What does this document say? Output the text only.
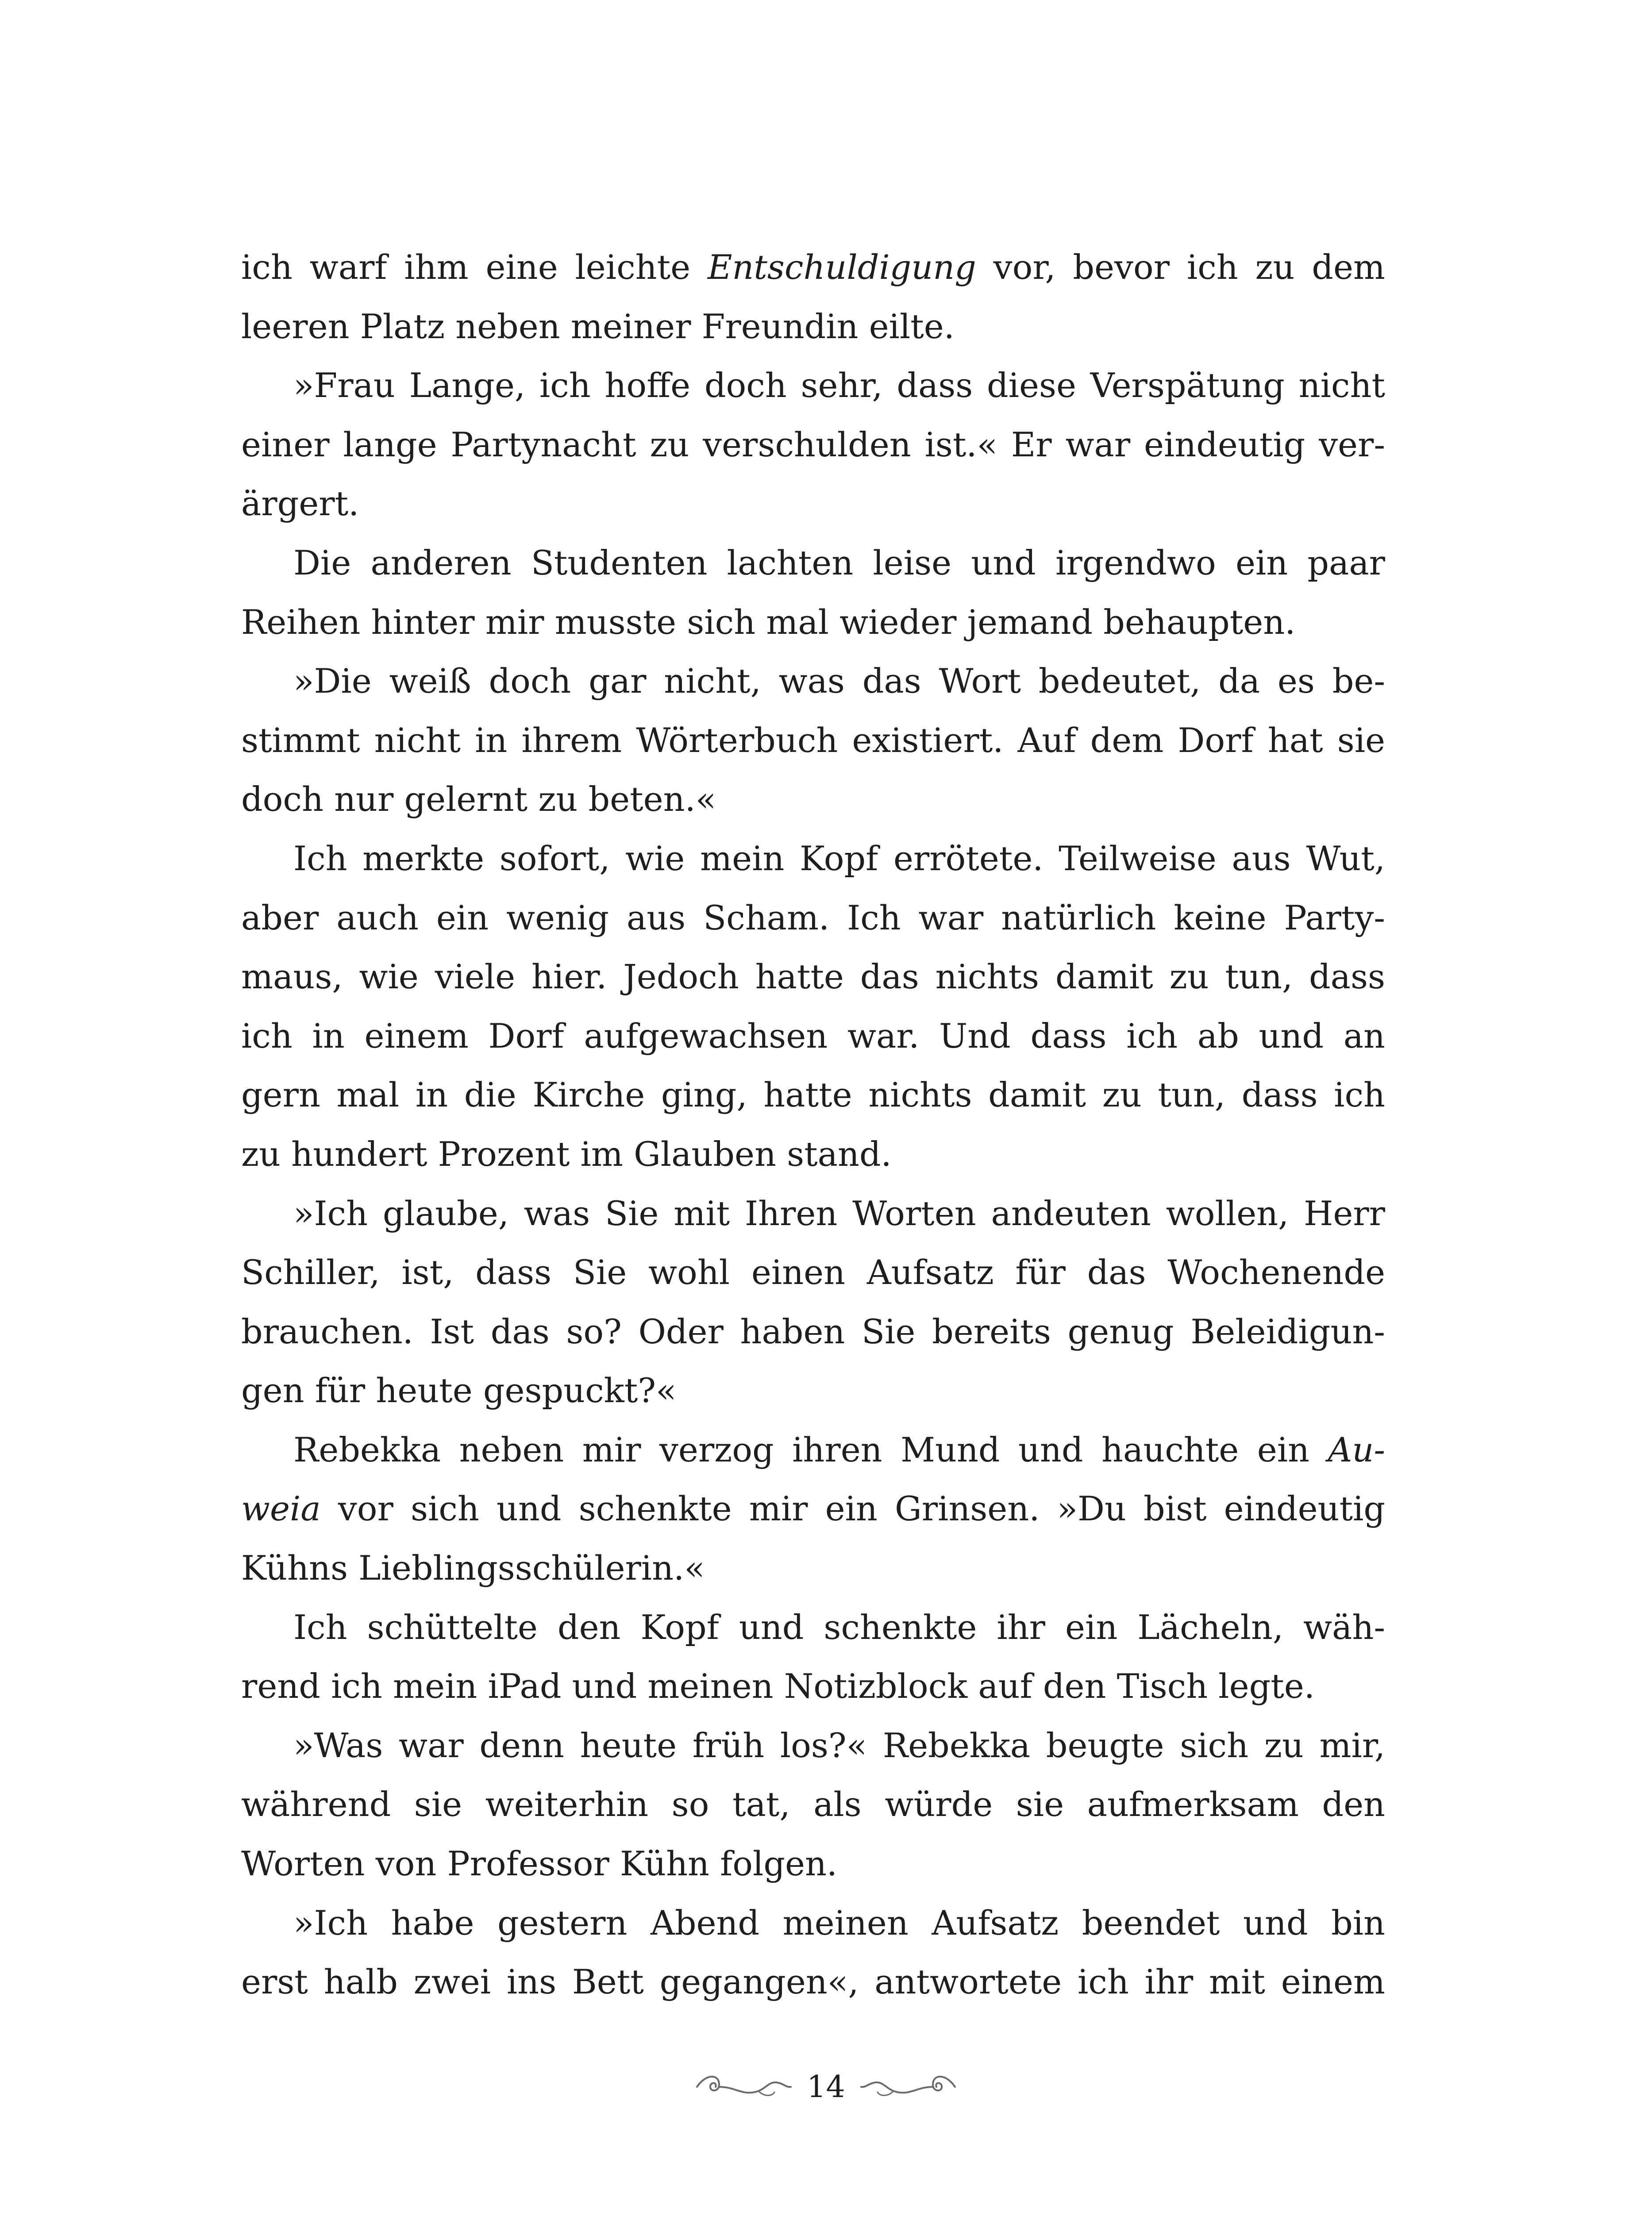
ich warf ihm eine leichte Entschuldigung vor, bevor ich zu dem
leeren Platz neben meiner Freundin eilte.
»Frau Lange, ich hoffe doch sehr, dass diese Verspätung nicht
einer lange Partynacht zu verschulden ist.« Er war eindeutig ver-
ärgert.
Die anderen Studenten lachten leise und irgendwo ein paar
Reihen hinter mir musste sich mal wieder jemand behaupten.
»Die weiß doch gar nicht, was das Wort bedeutet, da es be-
stimmt nicht in ihrem Wörterbuch existiert. Auf dem Dorf hat sie
doch nur gelernt zu beten.«
Ich merkte sofort, wie mein Kopf errötete. Teilweise aus Wut,
aber auch ein wenig aus Scham. Ich war natürlich keine Party-
maus, wie viele hier. Jedoch hatte das nichts damit zu tun, dass
ich in einem Dorf aufgewachsen war. Und dass ich ab und an
gern mal in die Kirche ging, hatte nichts damit zu tun, dass ich
zu hundert Prozent im Glauben stand.
»Ich glaube, was Sie mit Ihren Worten andeuten wollen, Herr
Schiller, ist, dass Sie wohl einen Aufsatz für das Wochenende
brauchen. Ist das so? Oder haben Sie bereits genug Beleidigun-
gen für heute gespuckt?«
Rebekka neben mir verzog ihren Mund und hauchte ein Au-
weia vor sich und schenkte mir ein Grinsen. »Du bist eindeutig
Kühns Lieblingsschülerin.«
Ich schüttelte den Kopf und schenkte ihr ein Lächeln, wäh-
rend ich mein iPad und meinen Notizblock auf den Tisch legte.
»Was war denn heute früh los?« Rebekka beugte sich zu mir,
während sie weiterhin so tat, als würde sie aufmerksam den
Worten von Professor Kühn folgen.
»Ich habe gestern Abend meinen Aufsatz beendet und bin
erst halb zwei ins Bett gegangen«, antwortete ich ihr mit einem
14
